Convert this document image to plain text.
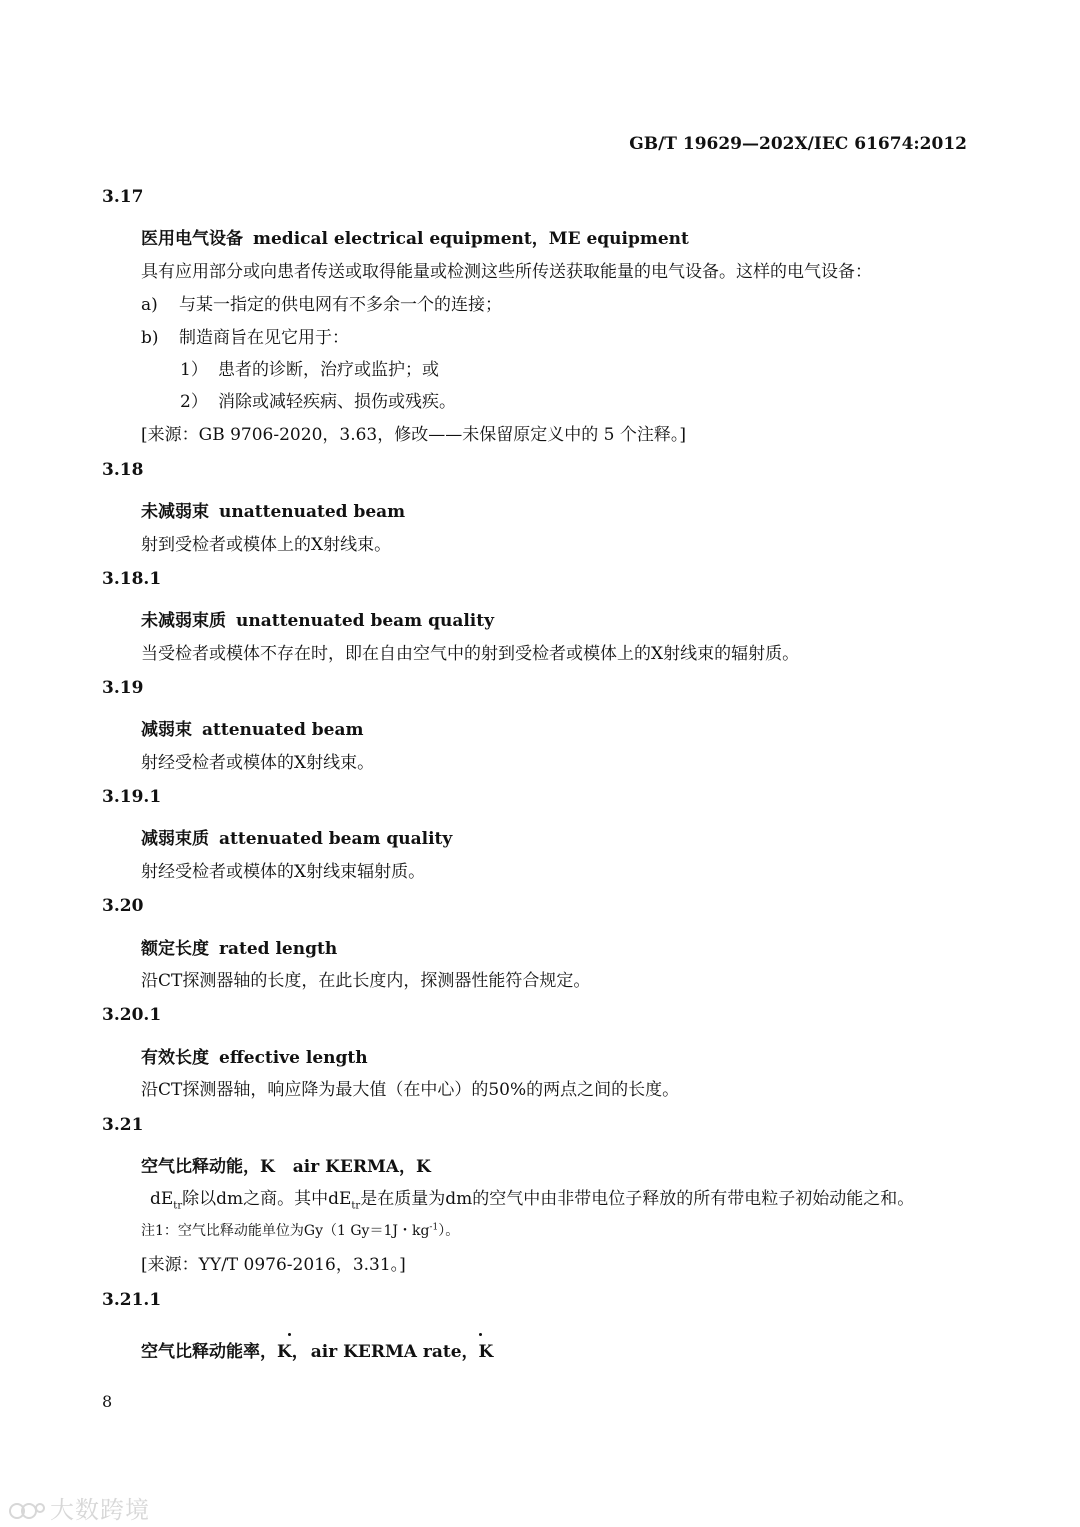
GB/T 19629—202X/IEC 61674:2012
3.17
医用电气设备 medical electrical equipment，ME equipment
具有应用部分或向患者传送或取得能量或检测这些所传送获取能量的电气设备。这样的电气设备：
a) 与某一指定的供电网有不多余一个的连接；
b) 制造商旨在见它用于：
1） 患者的诊断，治疗或监护；或
2） 消除或减轻疾病、损伤或残疾。
[来源：GB 9706-2020，3.63，修改——未保留原定义中的 5 个注释。]
3.18
未减弱束 unattenuated beam
射到受检者或模体上的X射线束。
3.18.1
未减弱束质 unattenuated beam quality
当受检者或模体不存在时，即在自由空气中的射到受检者或模体上的X射线束的辐射质。
3.19
减弱束 attenuated beam
射经受检者或模体的X射线束。
3.19.1
减弱束质 attenuated beam quality
射经受检者或模体的X射线束辐射质。
3.20
额定长度 rated length
沿CT探测器轴的长度，在此长度内，探测器性能符合规定。
3.20.1
有效长度 effective length
沿CT探测器轴，响应降为最大值（在中心）的50%的两点之间的长度。
3.21
空气比释动能，K air KERMA，K
$dE_{tr}$除以dm之商。其中$dE_{tr}$是在质量为dm的空气中由非带电位子释放的所有带电粒子初始动能之和。
注1：空气比释动能单位为Gy（1 Gy＝1J・$kg^{-1}$）。
[来源：YY/T 0976-2016，3.31。]
3.21.1
空气比释动能率，K， air KERMA rate，K
8
大数跨境
